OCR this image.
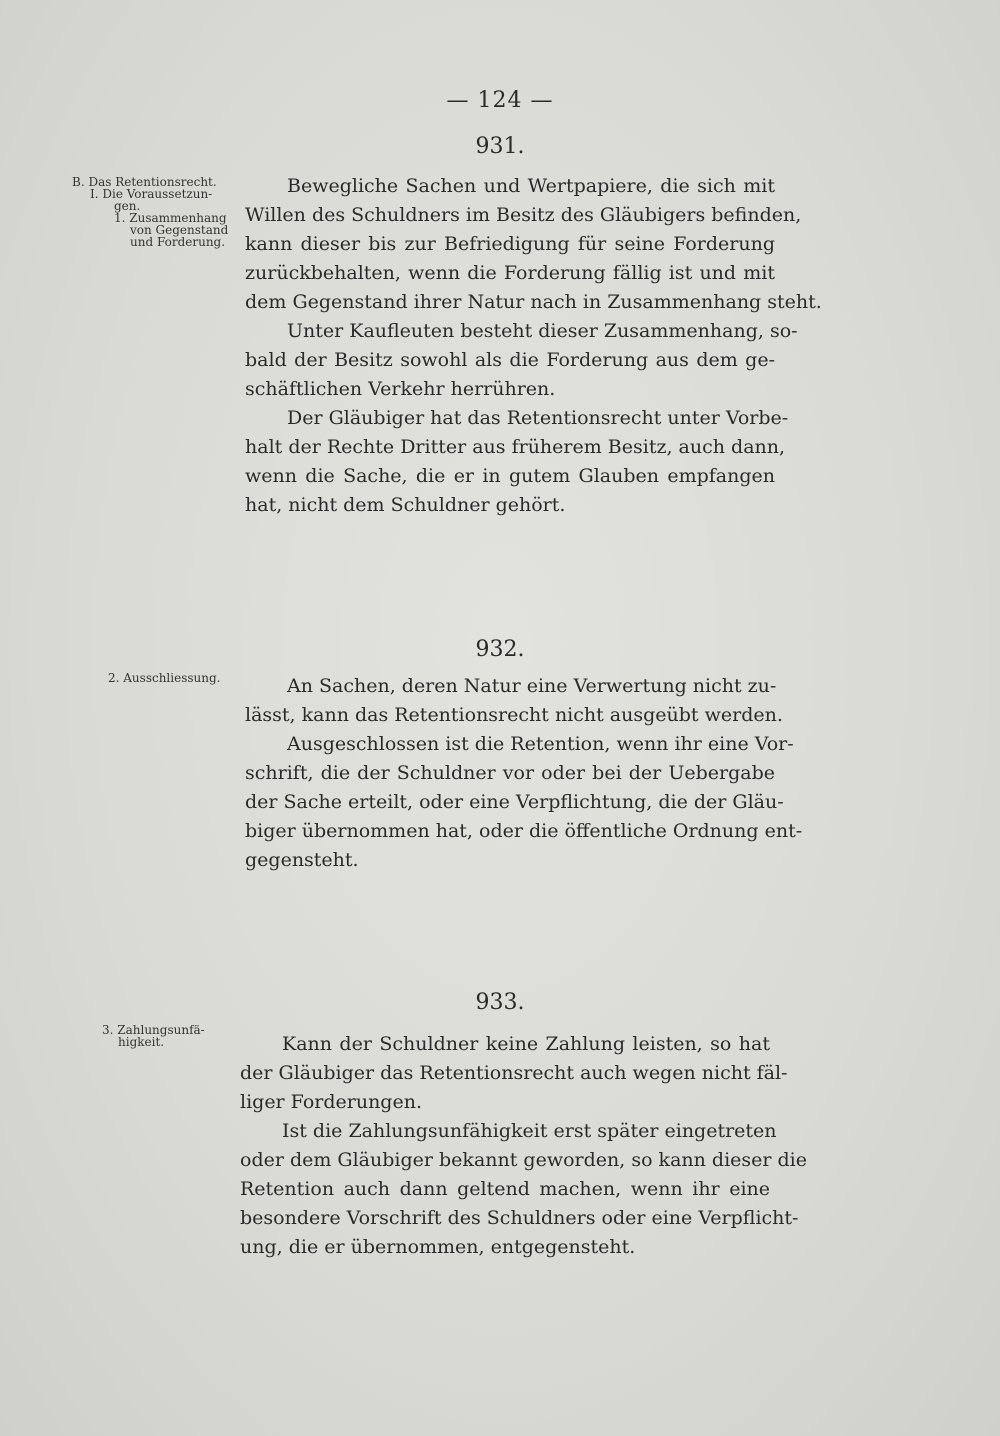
— 124 —
931.
B. Das Retentionsrecht.
I. Die Voraussetzun-
gen.
1. Zusammenhang
von Gegenstand
und Forderung.
Bewegliche Sachen und Wertpapiere, die sich mit
Willen des Schuldners im Besitz des Gläubigers befinden,
kann dieser bis zur Befriedigung für seine Forderung
zurückbehalten, wenn die Forderung fällig ist und mit
dem Gegenstand ihrer Natur nach in Zusammenhang steht.
Unter Kaufleuten besteht dieser Zusammenhang, so-
bald der Besitz sowohl als die Forderung aus dem ge-
schäftlichen Verkehr herrühren.
Der Gläubiger hat das Retentionsrecht unter Vorbe-
halt der Rechte Dritter aus früherem Besitz, auch dann,
wenn die Sache, die er in gutem Glauben empfangen
hat, nicht dem Schuldner gehört.
932.
2. Ausschliessung.	An Sachen, deren Natur eine Verwertung nicht zu-
lässt, kann das Retentionsrecht nicht ausgeübt werden.
Ausgeschlossen ist die Retention, wenn ihr eine Vor-
schrift, die der Schuldner vor oder bei der Uebergabe
der Sache erteilt, oder eine Verpflichtung, die der Gläu-
biger übernommen hat, oder die öffentliche Ordnung ent-
gegensteht.
933.
3. Zahlungsunfä-
higkeit.	Kann der Schuldner keine Zahlung leisten, so hat
der Gläubiger das Retentionsrecht auch wegen nicht fäl-
liger Forderungen.
Ist die Zahlungsunfähigkeit erst später eingetreten
oder dem Gläubiger bekannt geworden, so kann dieser die
Retention auch dann geltend machen, wenn ihr eine
besondere Vorschrift des Schuldners oder eine Verpflicht-
ung, die er übernommen, entgegensteht.
